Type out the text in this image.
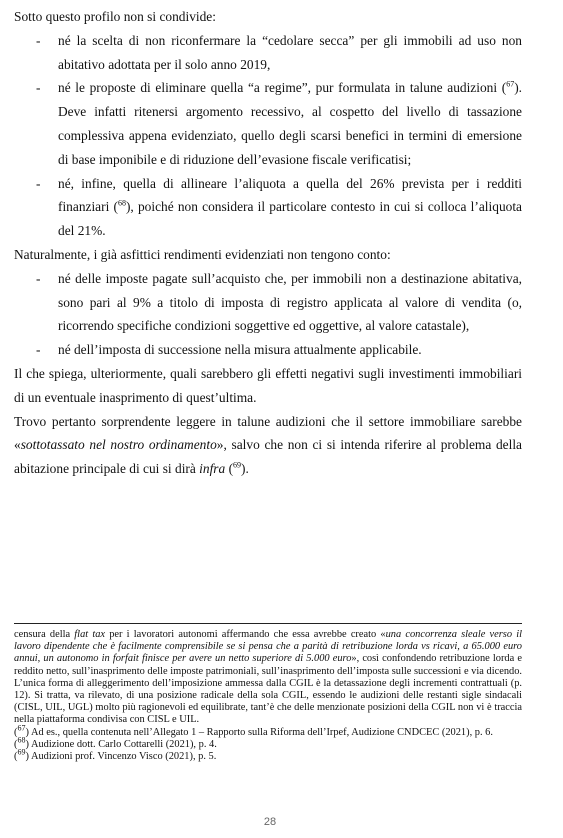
Sotto questo profilo non si condivide:

- né la scelta di non riconfermare la “cedolare secca” per gli immobili ad uso non abitativo adottata per il solo anno 2019,

- né le proposte di eliminare quella “a regime”, pur formulata in talune audizioni ($^{67}$). Deve infatti ritenersi argomento recessivo, al cospetto del livello di tassazione complessiva appena evidenziato, quello degli scarsi benefici in termini di emersione di base imponibile e di riduzione dell’evasione fiscale verificatisi;

- né, infine, quella di allineare l’aliquota a quella del 26% prevista per i redditi finanziari ($^{68}$), poiché non considera il particolare contesto in cui si colloca l’aliquota del 21%.

Naturalmente, i già asfittici rendimenti evidenziati non tengono conto:

- né delle imposte pagate sull’acquisto che, per immobili non a destinazione abitativa, sono pari al 9% a titolo di imposta di registro applicata al valore di vendita (o, ricorrendo specifiche condizioni soggettive ed oggettive, al valore catastale),

- né dell’imposta di successione nella misura attualmente applicabile.

Il che spiega, ulteriormente, quali sarebbero gli effetti negativi sugli investimenti immobiliari di un eventuale inasprimento di quest’ultima.

Trovo pertanto sorprendente leggere in talune audizioni che il settore immobiliare sarebbe «sottotassato nel nostro ordinamento», salvo che non ci si intenda riferire al problema della abitazione principale di cui si dirà infra ($^{69}$).

censura della flat tax per i lavoratori autonomi affermando che essa avrebbe creato «una concorrenza sleale verso il lavoro dipendente che è facilmente comprensibile se si pensa che a parità di retribuzione lorda vs ricavi, a 65.000 euro annui, un autonomo in forfait finisce per avere un netto superiore di 5.000 euro», così confondendo retribuzione lorda e reddito netto, sull’inasprimento delle imposte patrimoniali, sull’inasprimento dell’imposta sulle successioni e via dicendo. L’unica forma di alleggerimento dell’imposizione ammessa dalla CGIL è la detassazione degli incrementi contrattuali (p. 12). Si tratta, va rilevato, di una posizione radicale della sola CGIL, essendo le audizioni delle restanti sigle sindacali (CISL, UIL, UGL) molto più ragionevoli ed equilibrate, tant’è che delle menzionate posizioni della CGIL non vi è traccia nella piattaforma condivisa con CISL e UIL.

($^{67}$) Ad es., quella contenuta nell’Allegato 1 – Rapporto sulla Riforma dell’Irpef, Audizione CNDCEC (2021), p. 6.

($^{68}$) Audizione dott. Carlo Cottarelli (2021), p. 4.

($^{69}$) Audizioni prof. Vincenzo Visco (2021), p. 5.

28
